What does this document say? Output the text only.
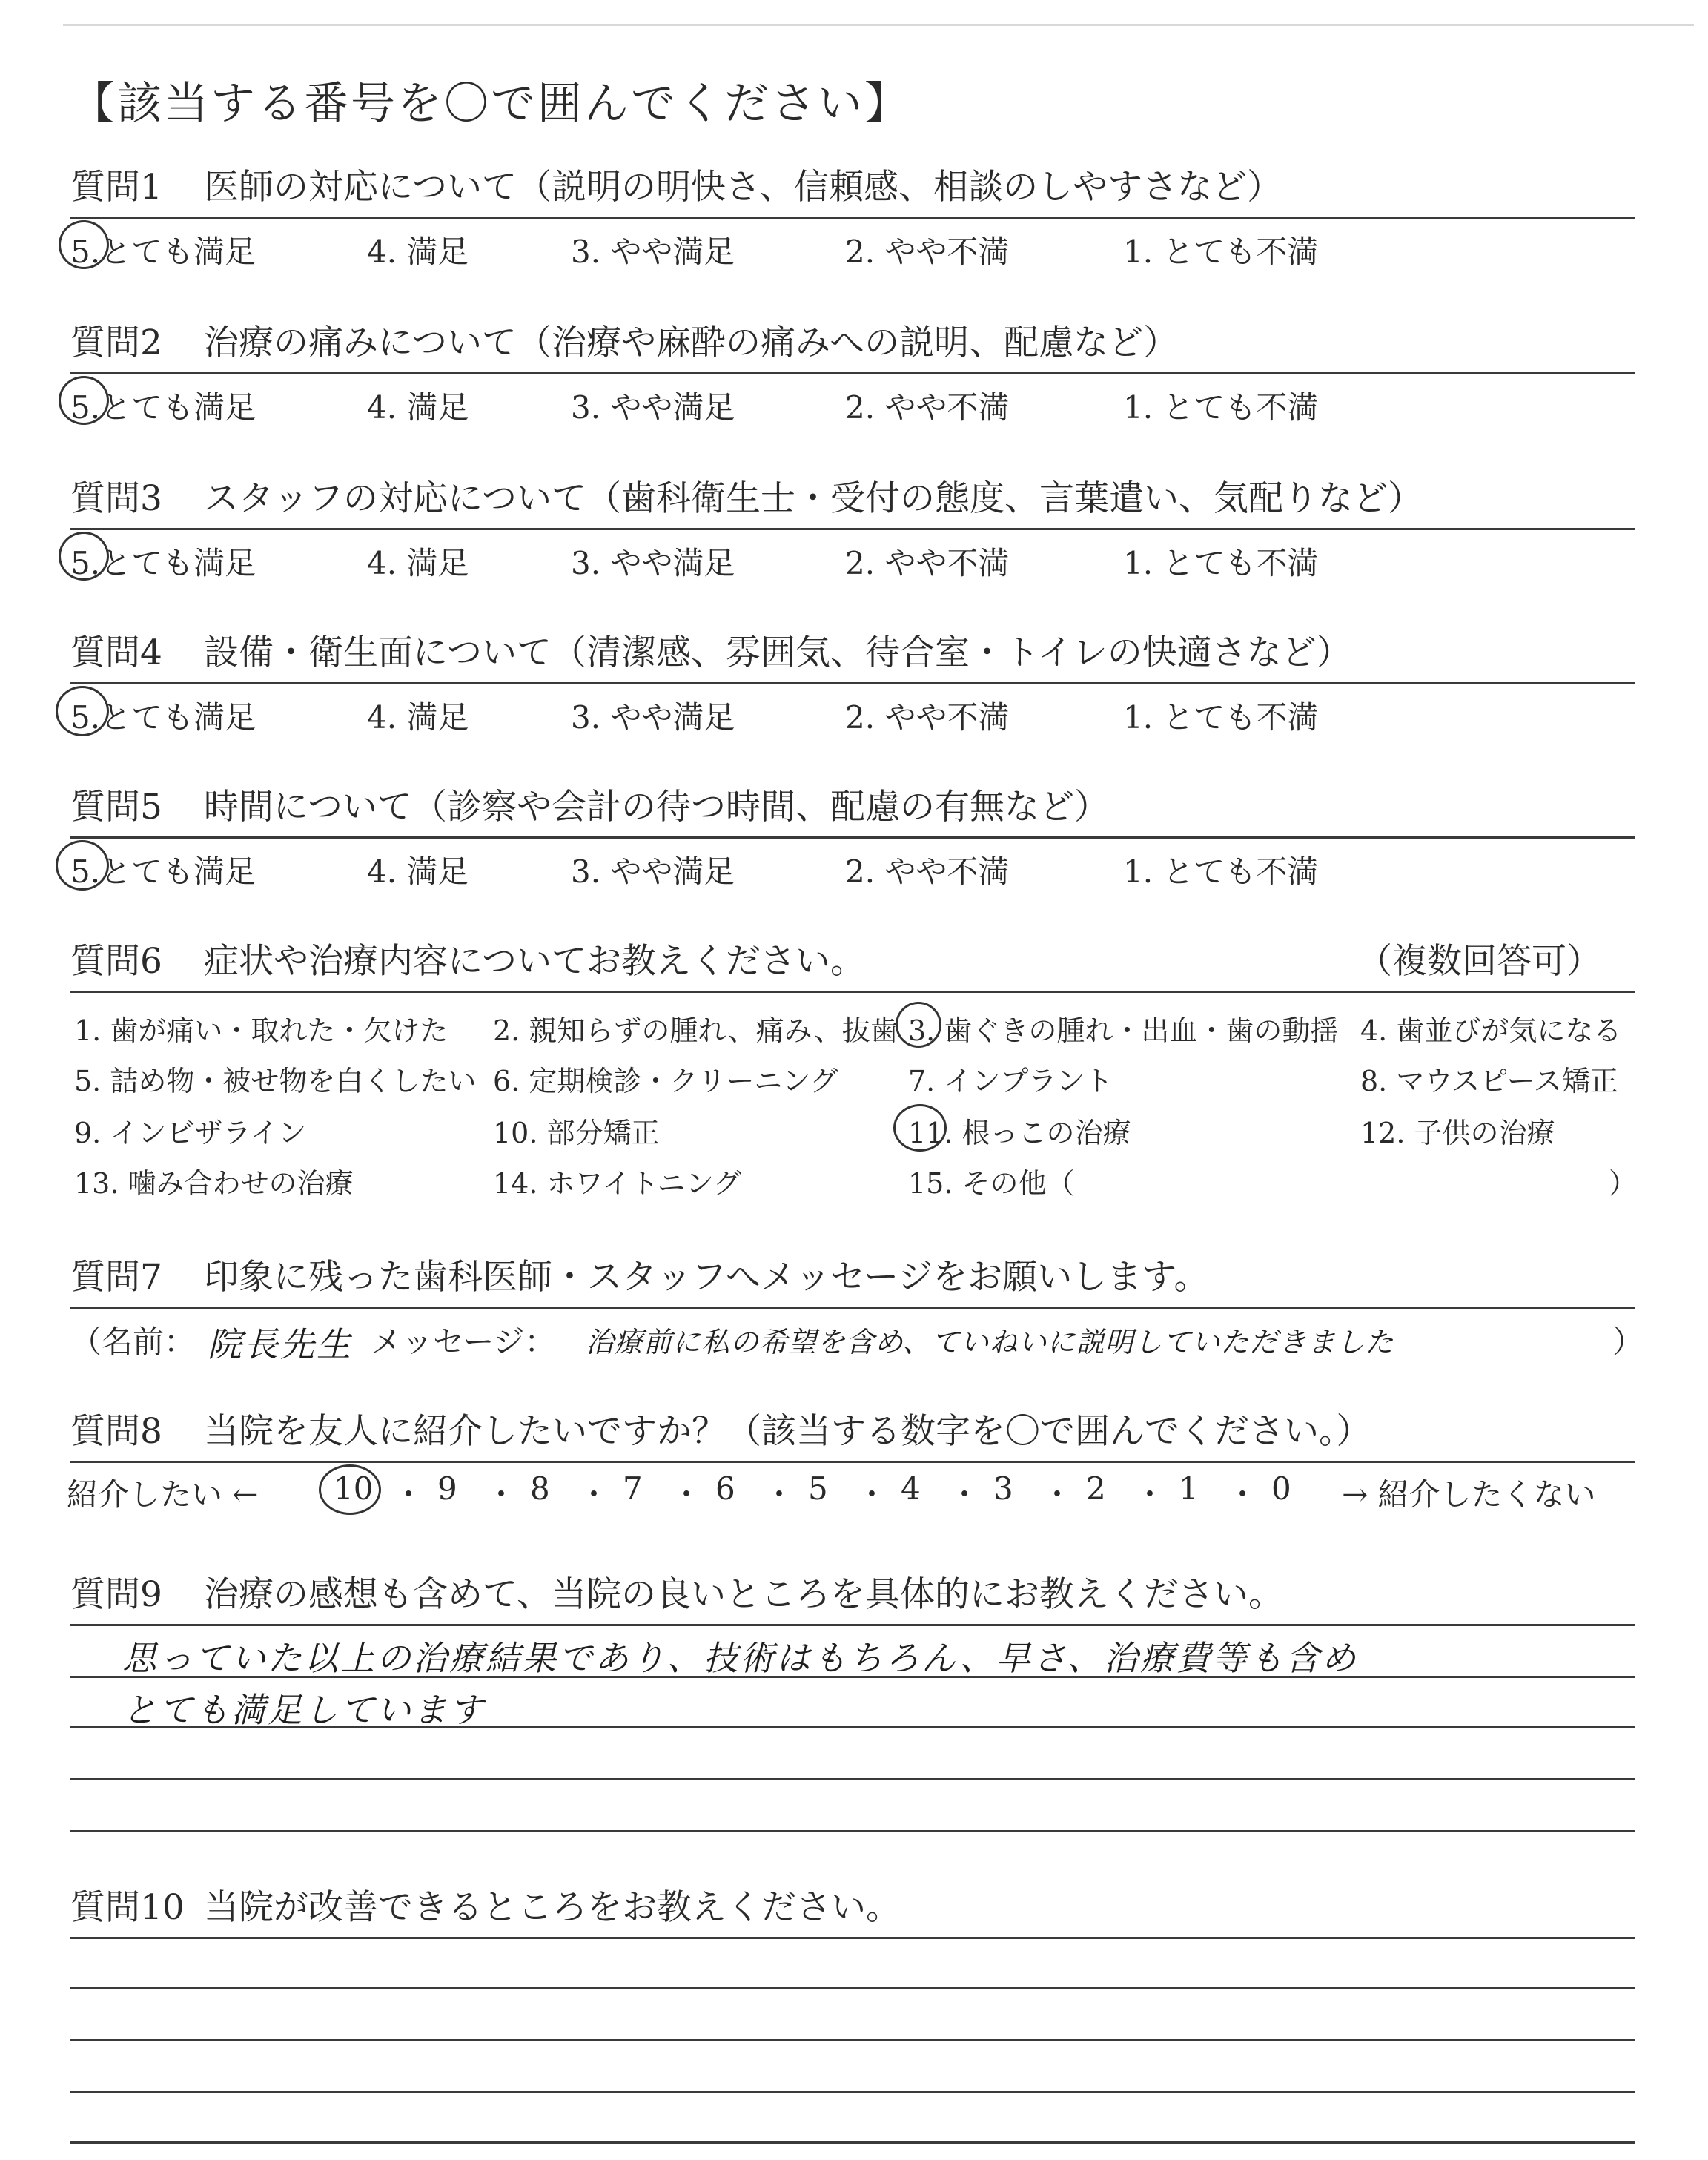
【該当する番号を〇で囲んでください】
質問1 医師の対応について（説明の明快さ、信頼感、相談のしやすさなど）
5.とても満足	4. 満足	3. やや満足	2. やや不満	1. とても不満
質問2 治療の痛みについて（治療や麻酔の痛みへの説明、配慮など）
5.とても満足	4. 満足	3. やや満足	2. やや不満	1. とても不満
質問3 スタッフの対応について（歯科衛生士・受付の態度、言葉遣い、気配りなど）
5.とても満足	4. 満足	3. やや満足	2. やや不満	1. とても不満
質問4 設備・衛生面について（清潔感、雰囲気、待合室・トイレの快適さなど）
5.とても満足	4. 満足	3. やや満足	2. やや不満	1. とても不満
質問5 時間について（診察や会計の待つ時間、配慮の有無など）
5.とても満足	4. 満足	3. やや満足	2. やや不満	1. とても不満
質問6 症状や治療内容についてお教えください。	（複数回答可）
1. 歯が痛い・取れた・欠けた 2. 親知らずの腫れ、痛み、抜歯 3. 歯ぐきの腫れ・出血・歯の動揺 4. 歯並びが気になる
5. 詰め物・被せ物を白くしたい 6. 定期検診・クリーニング 7. インプラント	8. マウスピース矯正
9. インビザライン	10. 部分矯正	11. 根っこの治療	12. 子供の治療
13. 噛み合わせの治療	14. ホワイトニング	15. その他（	）
質問7 印象に残った歯科医師・スタッフへメッセージをお願いします。
（名前： 院長先生 メッセージ： 治療前に私の希望を含め、ていねいに説明していただきました	）
質問8 当院を友人に紹介したいですか？（該当する数字を〇で囲んでください。）
紹介したい ← 10 ・ 9 ・ 8 ・ 7 ・ 6 ・ 5 ・ 4 ・ 3 ・ 2 ・ 1 ・ 0 → 紹介したくない
質問9 治療の感想も含めて、当院の良いところを具体的にお教えください。
思っていた以上の治療結果であり、技術はもちろん、早さ、治療費等も含め
とても満足しています
質問10 当院が改善できるところをお教えください。
